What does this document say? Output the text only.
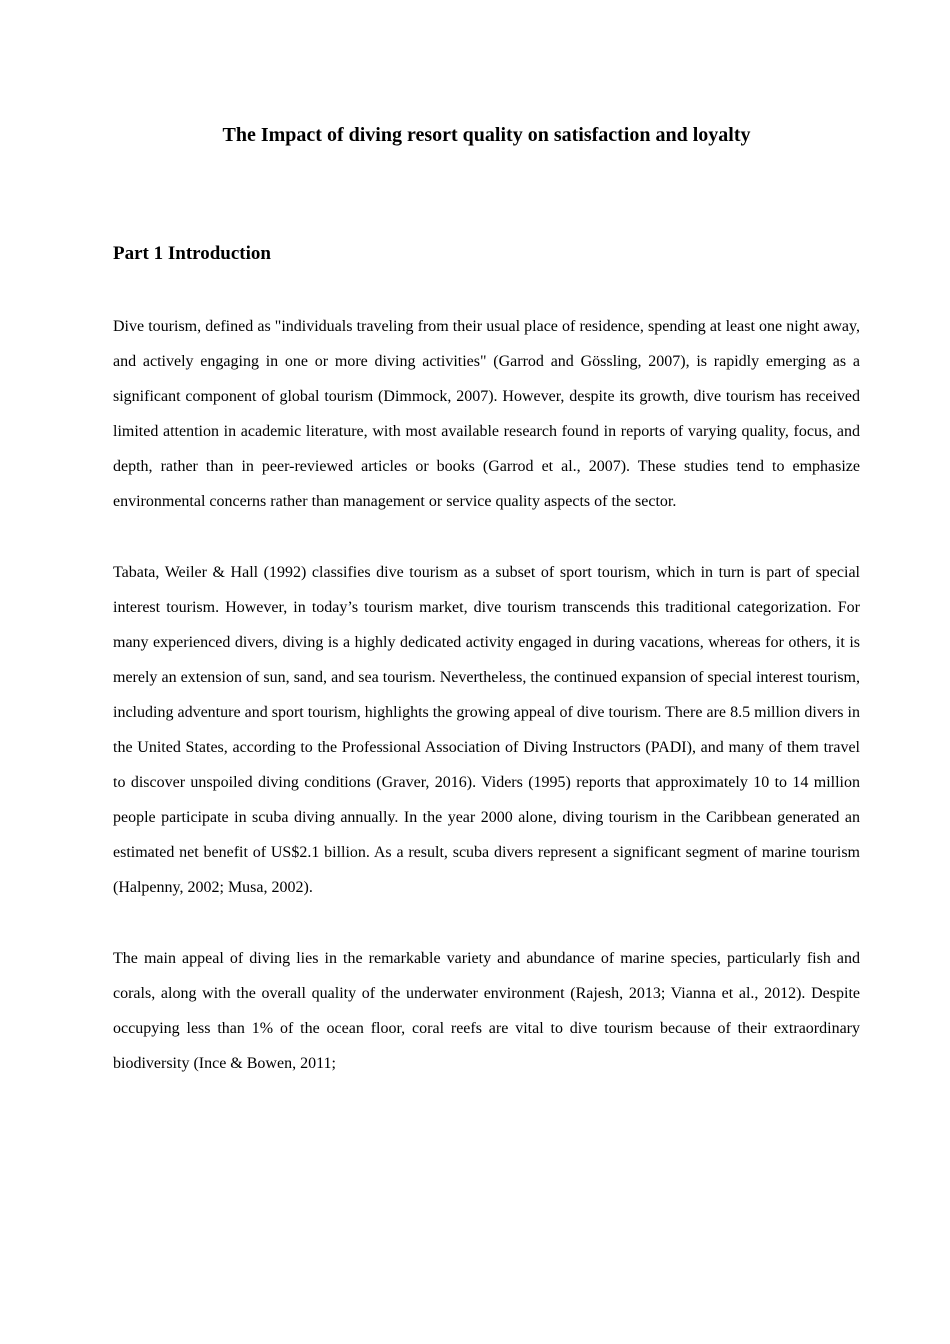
The Impact of diving resort quality on satisfaction and loyalty
Part 1 Introduction

Dive tourism, defined as "individuals traveling from their usual place of residence, spending at least one night away, and actively engaging in one or more diving activities" (Garrod and Gössling, 2007), is rapidly emerging as a significant component of global tourism (Dimmock, 2007). However, despite its growth, dive tourism has received limited attention in academic literature, with most available research found in reports of varying quality, focus, and depth, rather than in peer-reviewed articles or books (Garrod et al., 2007). These studies tend to emphasize environmental concerns rather than management or service quality aspects of the sector.

Tabata, Weiler & Hall (1992) classifies dive tourism as a subset of sport tourism, which in turn is part of special interest tourism. However, in today’s tourism market, dive tourism transcends this traditional categorization. For many experienced divers, diving is a highly dedicated activity engaged in during vacations, whereas for others, it is merely an extension of sun, sand, and sea tourism. Nevertheless, the continued expansion of special interest tourism, including adventure and sport tourism, highlights the growing appeal of dive tourism. There are 8.5 million divers in the United States, according to the Professional Association of Diving Instructors (PADI), and many of them travel to discover unspoiled diving conditions (Graver, 2016). Viders (1995) reports that approximately 10 to 14 million people participate in scuba diving annually. In the year 2000 alone, diving tourism in the Caribbean generated an estimated net benefit of US$2.1 billion. As a result, scuba divers represent a significant segment of marine tourism (Halpenny, 2002; Musa, 2002).

The main appeal of diving lies in the remarkable variety and abundance of marine species, particularly fish and corals, along with the overall quality of the underwater environment (Rajesh, 2013; Vianna et al., 2012). Despite occupying less than 1% of the ocean floor, coral reefs are vital to dive tourism because of their extraordinary biodiversity (Ince & Bowen, 2011;
